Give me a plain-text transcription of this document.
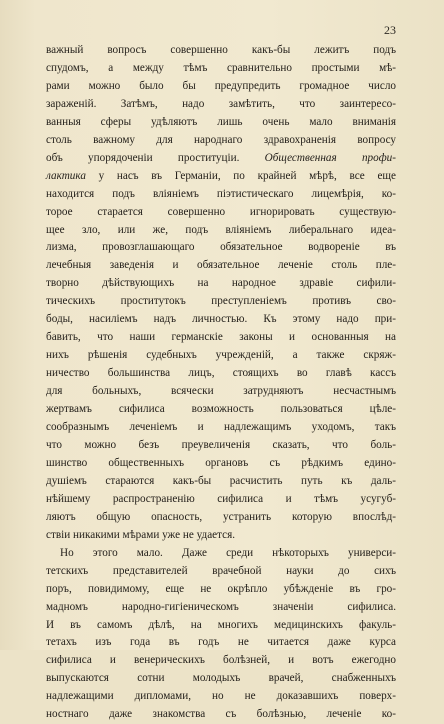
23
важный вопросъ совершенно какъ-бы лежитъ подъ
спудомъ, а между тѣмъ сравнительно простыми мѣ-
рами можно было бы предупредить громадное число
зараженій. Затѣмъ, надо замѣтить, что заинтересо-
ванныя сферы удѣляютъ лишь очень мало вниманія
столь важному для народнаго здравохраненія вопросу
объ упорядоченіи проституціи. Общественная профи-
лактика у насъ въ Германіи, по крайней мѣрѣ, все еще
находится подъ вліяніемъ піэтистическаго лицемѣрія, ко-
торое старается совершенно игнорировать существую-
щее зло, или же, подъ вліяніемъ либеральнаго идеа-
лизма, провозглашающаго обязательное водвореніе въ
лечебныя заведенія и обязательное леченіе столь пле-
творно дѣйствующихъ на народное здравіе сифили-
тическихъ проститутокъ преступленіемъ противъ сво-
боды, насиліемъ надъ личностью. Къ этому надо при-
бавить, что наши германскіе законы и основанныя на
нихъ рѣшенія судебныхъ учрежденій, а также скряж-
ничество большинства лицъ, стоящихъ во главѣ кассъ
для больныхъ, всячески затрудняютъ несчастнымъ
жертвамъ сифилиса возможность пользоваться цѣле-
сообразнымъ леченіемъ и надлежащимъ уходомъ, такъ
что можно безъ преувеличенія сказать, что боль-
шинство общественныхъ органовъ съ рѣдкимъ едино-
душіемъ стараются какъ-бы расчистить путь къ даль-
нѣйшему распространенію сифилиса и тѣмъ усугуб-
ляютъ общую опасность, устранить которую впослѣд-
ствіи никакими мѣрами уже не удается.
Но этого мало. Даже среди нѣкоторыхъ универси-
тетскихъ представителей врачебной науки до сихъ
поръ, повидимому, еще не окрѣпло убѣжденіе въ гро-
мадномъ народно-гигіеническомъ значеніи сифилиса.
И въ самомъ дѣлѣ, на многихъ медицинскихъ факуль-
тетахъ изъ года въ годъ не читается даже курса
сифилиса и венерическихъ болѣзней, и вотъ ежегодно
выпускаются сотни молодыхъ врачей, снабженныхъ
надлежащими дипломами, но не доказавшихъ поверх-
ностнаго даже знакомства съ болѣзнью, леченіе ко-
